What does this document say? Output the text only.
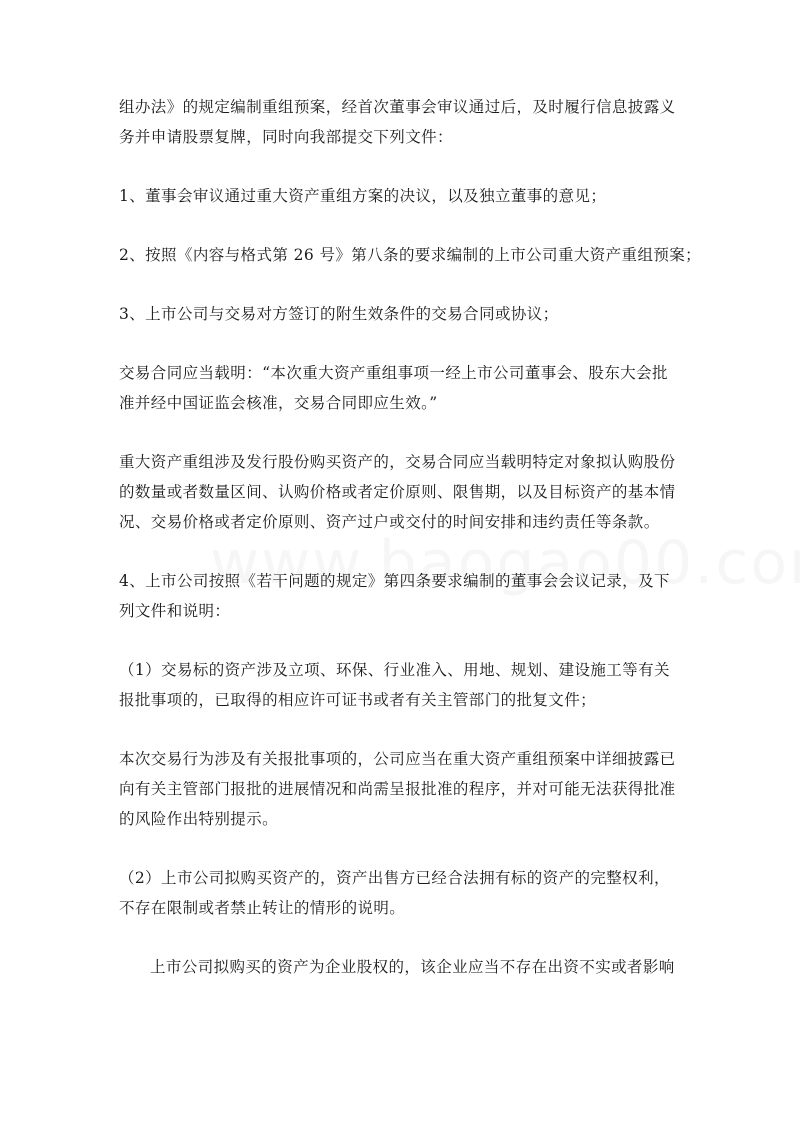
组办法》的规定编制重组预案，经首次董事会审议通过后，及时履行信息披露义
务并申请股票复牌，同时向我部提交下列文件：

1、董事会审议通过重大资产重组方案的决议，以及独立董事的意见；

2、按照《内容与格式第 26 号》第八条的要求编制的上市公司重大资产重组预案；

3、上市公司与交易对方签订的附生效条件的交易合同或协议；

交易合同应当载明：“本次重大资产重组事项一经上市公司董事会、股东大会批
准并经中国证监会核准，交易合同即应生效。”

重大资产重组涉及发行股份购买资产的，交易合同应当载明特定对象拟认购股份
的数量或者数量区间、认购价格或者定价原则、限售期，以及目标资产的基本情
况、交易价格或者定价原则、资产过户或交付的时间安排和违约责任等条款。

4、上市公司按照《若干问题的规定》第四条要求编制的董事会会议记录，及下
列文件和说明：

（1）交易标的资产涉及立项、环保、行业准入、用地、规划、建设施工等有关
报批事项的，已取得的相应许可证书或者有关主管部门的批复文件；

本次交易行为涉及有关报批事项的，公司应当在重大资产重组预案中详细披露已
向有关主管部门报批的进展情况和尚需呈报批准的程序，并对可能无法获得批准
的风险作出特别提示。

（2）上市公司拟购买资产的，资产出售方已经合法拥有标的资产的完整权利，
不存在限制或者禁止转让的情形的说明。

上市公司拟购买的资产为企业股权的，该企业应当不存在出资不实或者影响
